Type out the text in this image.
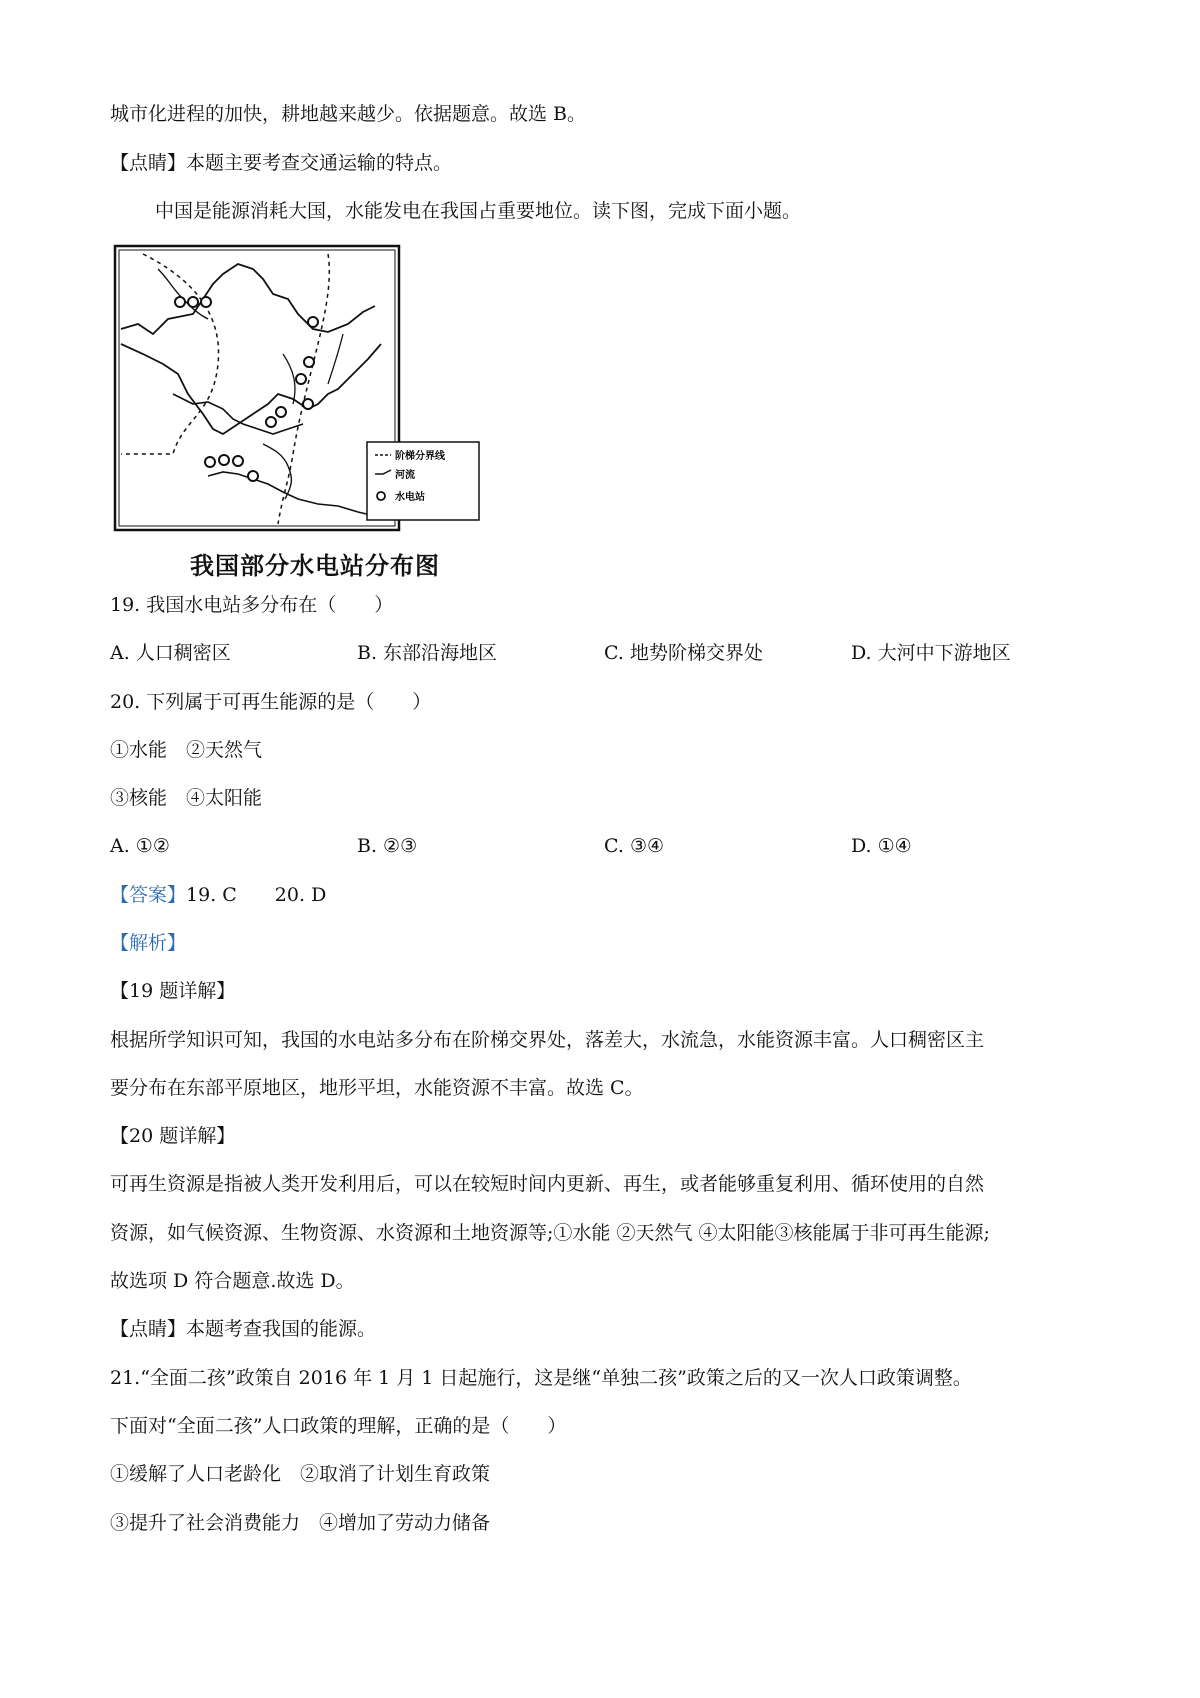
城市化进程的加快，耕地越来越少。依据题意。故选 B。
【点睛】本题主要考查交通运输的特点。
中国是能源消耗大国，水能发电在我国占重要地位。读下图，完成下面小题。
阶梯分界线
河流
水电站
我国部分水电站分布图
19. 我国水电站多分布在（　　）
A. 人口稠密区	B. 东部沿海地区	C. 地势阶梯交界处	D. 大河中下游地区
20. 下列属于可再生能源的是（　　）
①水能　②天然气
③核能　④太阳能
A. ①②	B. ②③	C. ③④	D. ①④
【答案】19. C　　20. D
【解析】
【19 题详解】
根据所学知识可知，我国的水电站多分布在阶梯交界处，落差大，水流急，水能资源丰富。人口稠密区主
要分布在东部平原地区，地形平坦，水能资源不丰富。故选 C。
【20 题详解】
可再生资源是指被人类开发利用后，可以在较短时间内更新、再生，或者能够重复利用、循环使用的自然
资源，如气候资源、生物资源、水资源和土地资源等;①水能 ②天然气 ④太阳能③核能属于非可再生能源;
故选项 D 符合题意.故选 D。
【点睛】本题考查我国的能源。
21.“全面二孩”政策自 2016 年 1 月 1 日起施行，这是继“单独二孩”政策之后的又一次人口政策调整。
下面对“全面二孩”人口政策的理解，正确的是（　　）
①缓解了人口老龄化　②取消了计划生育政策
③提升了社会消费能力　④增加了劳动力储备
